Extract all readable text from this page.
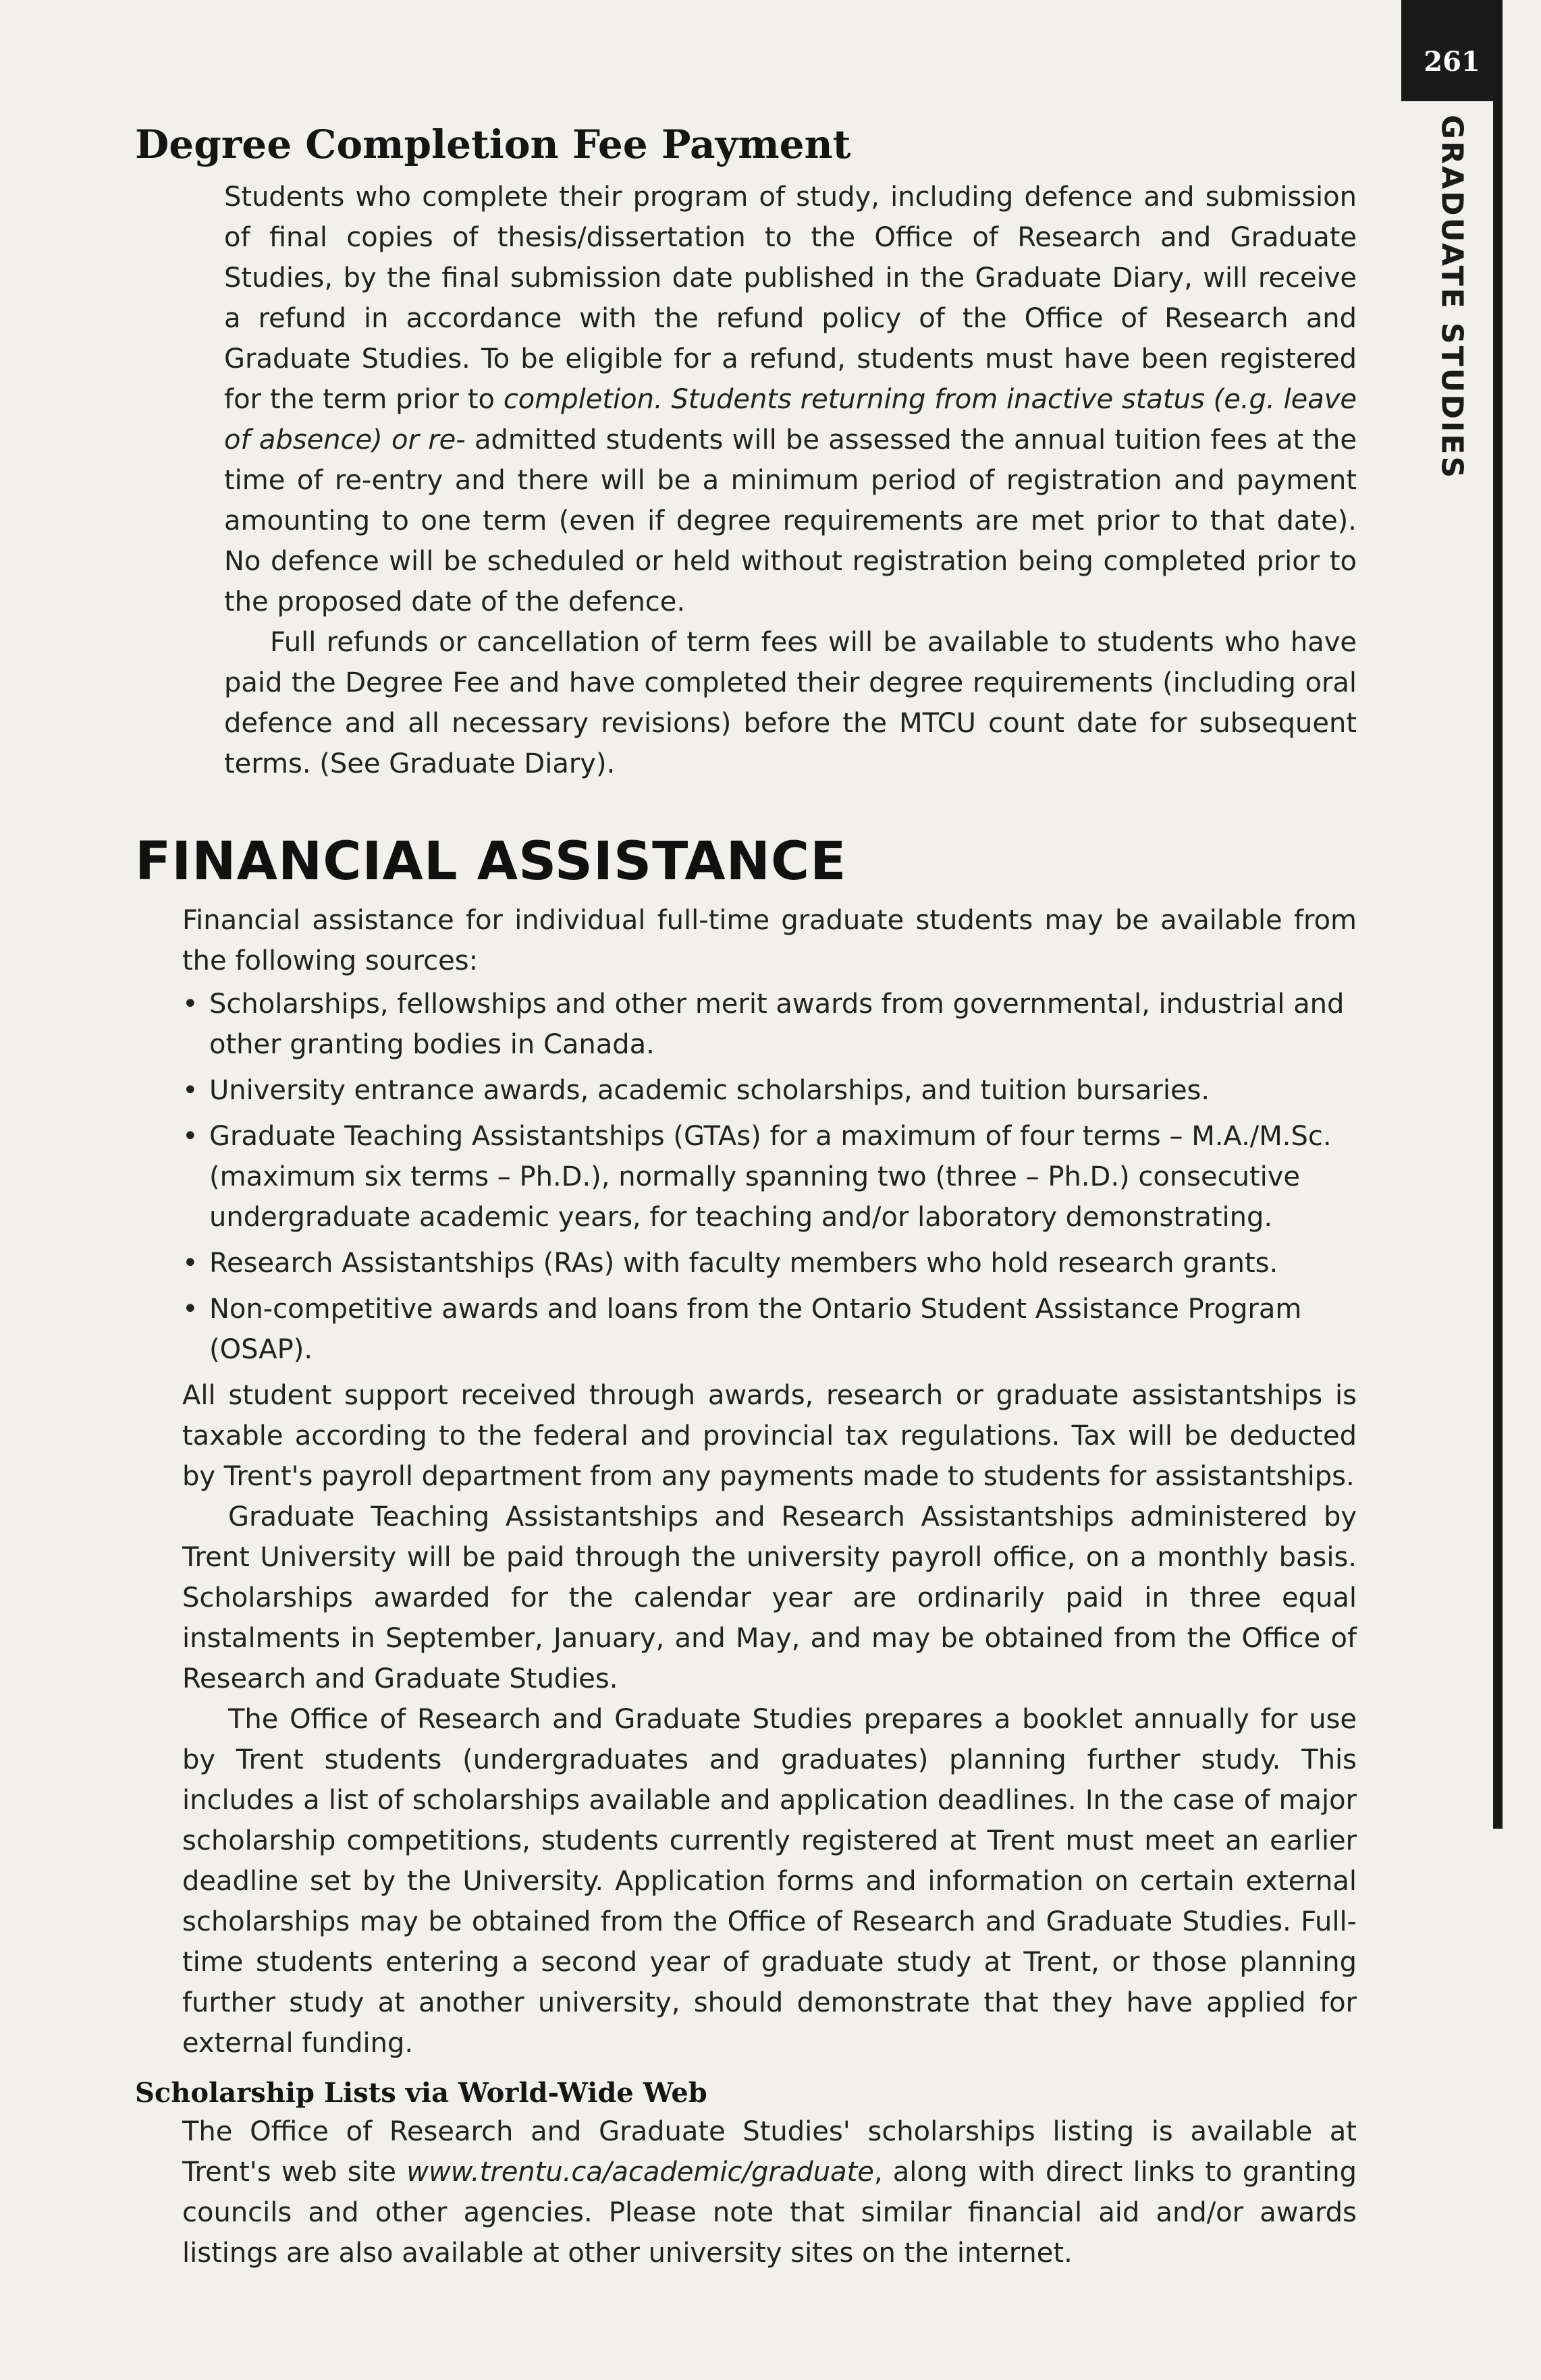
261
GRADUATE STUDIES
Degree Completion Fee Payment

Students who complete their program of study, including defence and submission of final copies of thesis/dissertation to the Office of Research and Graduate Studies, by the final submission date published in the Graduate Diary, will receive a refund in accordance with the refund policy of the Office of Research and Graduate Studies. To be eligible for a refund, students must have been registered for the term prior to completion. Students returning from inactive status (e.g. leave of absence) or re- admitted students will be assessed the annual tuition fees at the time of re-entry and there will be a minimum period of registration and payment amounting to one term (even if degree requirements are met prior to that date). No defence will be scheduled or held without registration being completed prior to the proposed date of the defence.

Full refunds or cancellation of term fees will be available to students who have paid the Degree Fee and have completed their degree requirements (including oral defence and all necessary revisions) before the MTCU count date for subsequent terms. (See Graduate Diary).

FINANCIAL ASSISTANCE

Financial assistance for individual full-time graduate students may be available from the following sources:

• Scholarships, fellowships and other merit awards from governmental, industrial and other granting bodies in Canada.
• University entrance awards, academic scholarships, and tuition bursaries.
• Graduate Teaching Assistantships (GTAs) for a maximum of four terms – M.A./M.Sc. (maximum six terms – Ph.D.), normally spanning two (three – Ph.D.) consecutive undergraduate academic years, for teaching and/or laboratory demonstrating.
• Research Assistantships (RAs) with faculty members who hold research grants.
• Non-competitive awards and loans from the Ontario Student Assistance Program (OSAP).

All student support received through awards, research or graduate assistantships is taxable according to the federal and provincial tax regulations. Tax will be deducted by Trent's payroll department from any payments made to students for assistantships.

Graduate Teaching Assistantships and Research Assistantships administered by Trent University will be paid through the university payroll office, on a monthly basis. Scholarships awarded for the calendar year are ordinarily paid in three equal instalments in September, January, and May, and may be obtained from the Office of Research and Graduate Studies.

The Office of Research and Graduate Studies prepares a booklet annually for use by Trent students (undergraduates and graduates) planning further study. This includes a list of scholarships available and application deadlines. In the case of major scholarship competitions, students currently registered at Trent must meet an earlier deadline set by the University. Application forms and information on certain external scholarships may be obtained from the Office of Research and Graduate Studies. Full-time students entering a second year of graduate study at Trent, or those planning further study at another university, should demonstrate that they have applied for external funding.

Scholarship Lists via World-Wide Web

The Office of Research and Graduate Studies' scholarships listing is available at Trent's web site www.trentu.ca/academic/graduate, along with direct links to granting councils and other agencies. Please note that similar financial aid and/or awards listings are also available at other university sites on the internet.
